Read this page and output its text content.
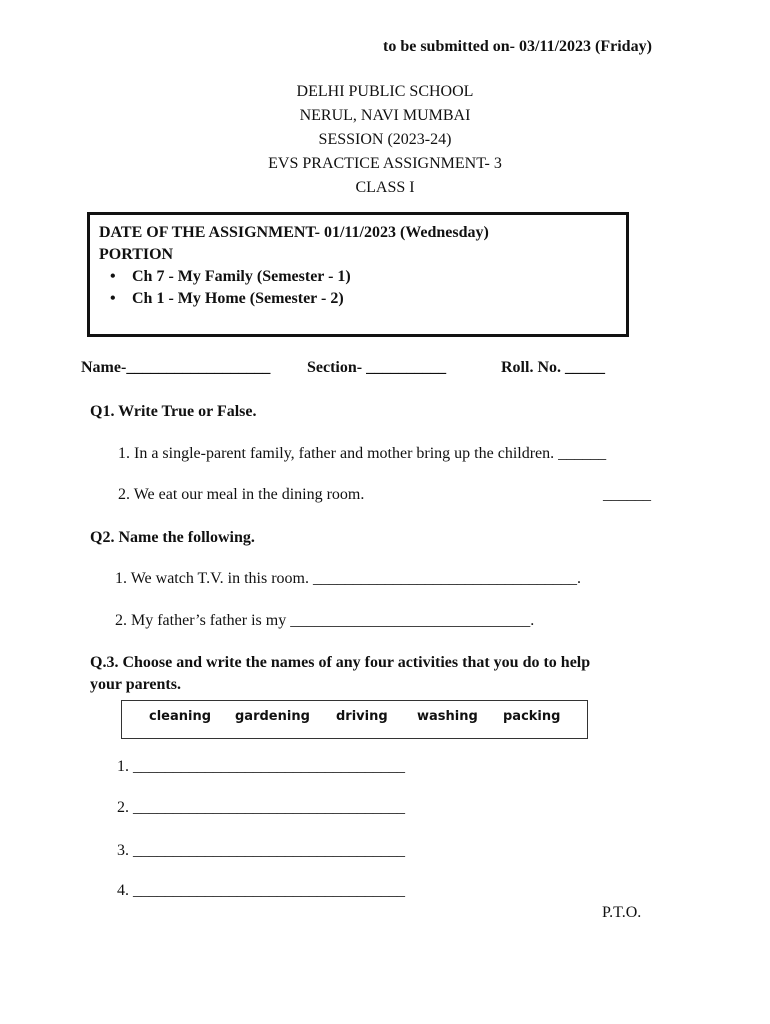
to be submitted on- 03/11/2023 (Friday)
DELHI PUBLIC SCHOOL
NERUL, NAVI MUMBAI
SESSION (2023-24)
EVS PRACTICE ASSIGNMENT- 3
CLASS I
DATE OF THE ASSIGNMENT- 01/11/2023 (Wednesday)
PORTION
• Ch 7 - My Family (Semester - 1)
• Ch 1 - My Home (Semester - 2)
Name-__________________ Section- __________	Roll. No. _____
Q1. Write True or False.
1. In a single-parent family, father and mother bring up the children. ______
2. We eat our meal in the dining room.	______
Q2. Name the following.
1. We watch T.V. in this room. _________________________________.
2. My father’s father is my ______________________________.
Q.3. Choose and write the names of any four activities that you do to help
your parents.
cleaning gardening driving washing packing
1. __________________________________
2. __________________________________
3. __________________________________
4. __________________________________
P.T.O.
